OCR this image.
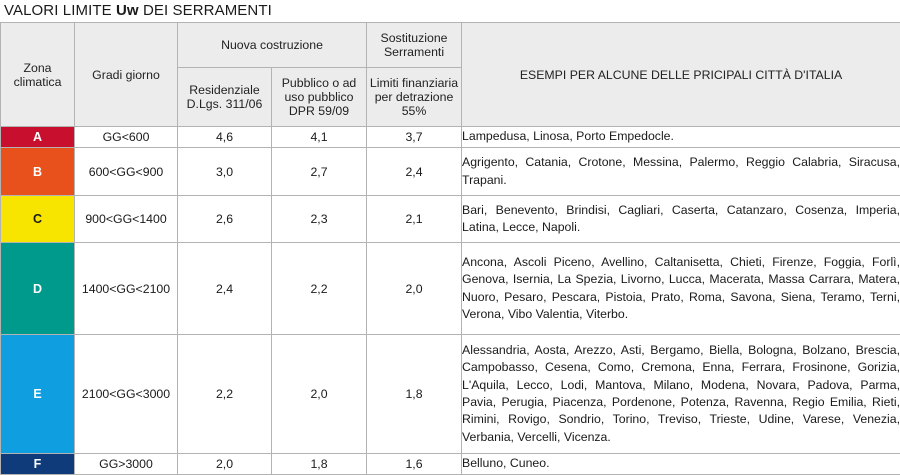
VALORI LIMITE Uw DEI SERRAMENTI
Zona climatica	Gradi giorno	Nuova costruzione		Sostituzione Serramenti	ESEMPI PER ALCUNE DELLE PRICIPALI CITTÀ D'ITALIA
		Residenziale D.Lgs. 311/06	Pubblico o ad uso pubblico DPR 59/09	Limiti finanziaria per detrazione 55%	
A	GG<600	4,6	4,1	3,7	Lampedusa, Linosa, Porto Empedocle.
B	600<GG<900	3,0	2,7	2,4	Agrigento, Catania, Crotone, Messina, Palermo, Reggio Calabria, Siracusa, Trapani.
C	900<GG<1400	2,6	2,3	2,1	Bari, Benevento, Brindisi, Cagliari, Caserta, Catanzaro, Cosenza, Imperia, Latina, Lecce, Napoli.
D	1400<GG<2100	2,4	2,2	2,0	Ancona, Ascoli Piceno, Avellino, Caltanisetta, Chieti, Firenze, Foggia, Forlì, Genova, Isernia, La Spezia, Livorno, Lucca, Macerata, Massa Carrara, Matera, Nuoro, Pesaro, Pescara, Pistoia, Prato, Roma, Savona, Siena, Teramo, Terni, Verona, Vibo Valentia, Viterbo.
E	2100<GG<3000	2,2	2,0	1,8	Alessandria, Aosta, Arezzo, Asti, Bergamo, Biella, Bologna, Bolzano, Brescia, Campobasso, Cesena, Como, Cremona, Enna, Ferrara, Frosinone, Gorizia, L'Aquila, Lecco, Lodi, Mantova, Milano, Modena, Novara, Padova, Parma, Pavia, Perugia, Piacenza, Pordenone, Potenza, Ravenna, Regio Emilia, Rieti, Rimini, Rovigo, Sondrio, Torino, Treviso, Trieste, Udine, Varese, Venezia, Verbania, Vercelli, Vicenza.
F	GG>3000	2,0	1,8	1,6	Belluno, Cuneo.
